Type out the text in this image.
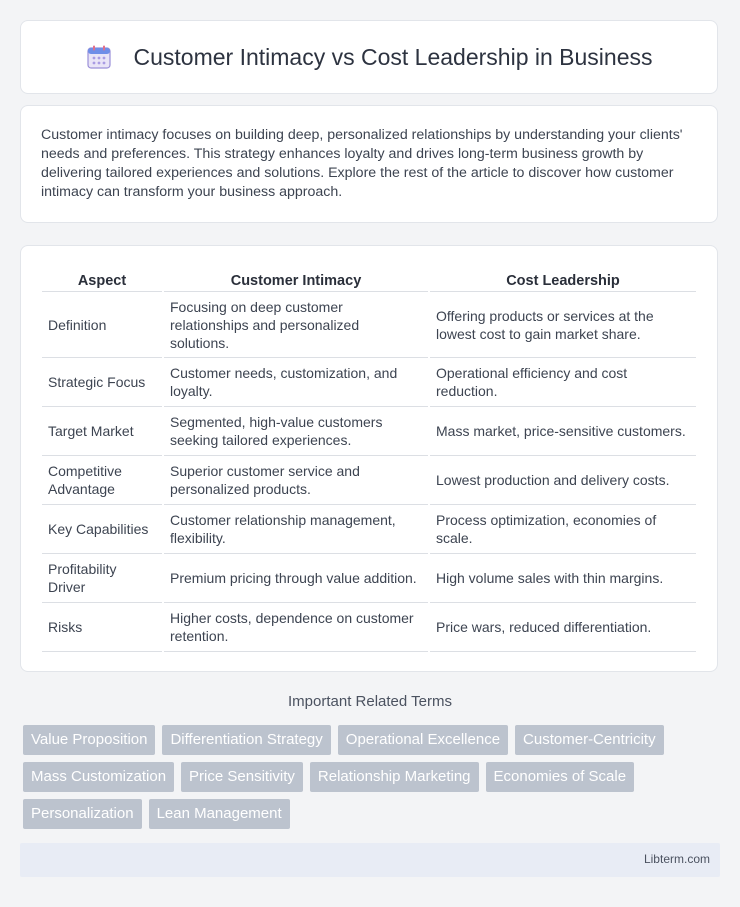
Customer Intimacy vs Cost Leadership in Business

Customer intimacy focuses on building deep, personalized relationships by understanding your clients' needs and preferences. This strategy enhances loyalty and drives long-term business growth by delivering tailored experiences and solutions. Explore the rest of the article to discover how customer intimacy can transform your business approach.

Aspect	Customer Intimacy	Cost Leadership
Definition	Focusing on deep customer relationships and personalized solutions.	Offering products or services at the lowest cost to gain market share.
Strategic Focus	Customer needs, customization, and loyalty.	Operational efficiency and cost reduction.
Target Market	Segmented, high-value customers seeking tailored experiences.	Mass market, price-sensitive customers.
Competitive Advantage	Superior customer service and personalized products.	Lowest production and delivery costs.
Key Capabilities	Customer relationship management, flexibility.	Process optimization, economies of scale.
Profitability Driver	Premium pricing through value addition.	High volume sales with thin margins.
Risks	Higher costs, dependence on customer retention.	Price wars, reduced differentiation.
Important Related Terms
Value Proposition	Differentiation Strategy	Operational Excellence	Customer-Centricity
Mass Customization	Price Sensitivity	Relationship Marketing	Economies of Scale
Personalization	Lean Management
Libterm.com
